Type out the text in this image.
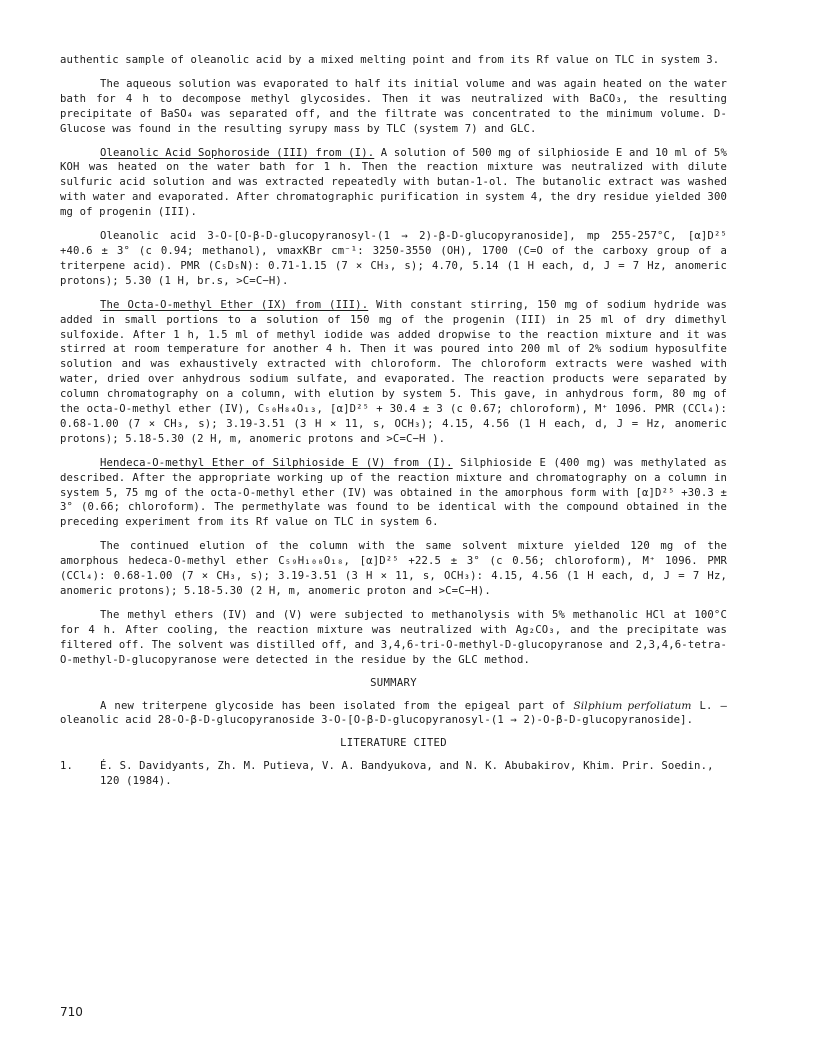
authentic sample of oleanolic acid by a mixed melting point and from its Rf value on TLC in system 3.

The aqueous solution was evaporated to half its initial volume and was again heated on the water bath for 4 h to decompose methyl glycosides. Then it was neutralized with BaCO₃, the resulting precipitate of BaSO₄ was separated off, and the filtrate was concentrated to the minimum volume. D-Glucose was found in the resulting syrupy mass by TLC (system 7) and GLC.

Oleanolic Acid Sophoroside (III) from (I). A solution of 500 mg of silphioside E and 10 ml of 5% KOH was heated on the water bath for 1 h. Then the reaction mixture was neutralized with dilute sulfuric acid solution and was extracted repeatedly with butan-1-ol. The butanolic extract was washed with water and evaporated. After chromatographic purification in system 4, the dry residue yielded 300 mg of progenin (III).

Oleanolic acid 3-O-[O-β-D-glucopyranosyl-(1 → 2)-β-D-glucopyranoside], mp 255-257°C, [α]D²⁵ +40.6 ± 3° (c 0.94; methanol), νmaxKBr cm⁻¹: 3250-3550 (OH), 1700 (C=O of the carboxy group of a triterpene acid). PMR (C₅D₅N): 0.71-1.15 (7 × CH₃, s); 4.70, 5.14 (1 H each, d, J = 7 Hz, anomeric protons); 5.30 (1 H, br.s, >C=C−H).

The Octa-O-methyl Ether (IX) from (III). With constant stirring, 150 mg of sodium hydride was added in small portions to a solution of 150 mg of the progenin (III) in 25 ml of dry dimethyl sulfoxide. After 1 h, 1.5 ml of methyl iodide was added dropwise to the reaction mixture and it was stirred at room temperature for another 4 h. Then it was poured into 200 ml of 2% sodium hyposulfite solution and was exhaustively extracted with chloroform. The chloroform extracts were washed with water, dried over anhydrous sodium sulfate, and evaporated. The reaction products were separated by column chromatography on a column, with elution by system 5. This gave, in anhydrous form, 80 mg of the octa-O-methyl ether (IV), C₅₀H₈₄O₁₃, [α]D²⁵ + 30.4 ± 3 (c 0.67; chloroform), M⁺ 1096. PMR (CCl₄): 0.68-1.00 (7 × CH₃, s); 3.19-3.51 (3 H × 11, s, OCH₃); 4.15, 4.56 (1 H each, d, J = Hz, anomeric protons); 5.18-5.30 (2 H, m, anomeric protons and >C=C−H ).

Hendeca-O-methyl Ether of Silphioside E (V) from (I). Silphioside E (400 mg) was methylated as described. After the appropriate working up of the reaction mixture and chromatography on a column in system 5, 75 mg of the octa-O-methyl ether (IV) was obtained in the amorphous form with [α]D²⁵ +30.3 ± 3° (0.66; chloroform). The permethylate was found to be identical with the compound obtained in the preceding experiment from its Rf value on TLC in system 6.

The continued elution of the column with the same solvent mixture yielded 120 mg of the amorphous hedeca-O-methyl ether C₅₉H₁₀₀O₁₈, [α]D²⁵ +22.5 ± 3° (c 0.56; chloroform), M⁺ 1096. PMR (CCl₄): 0.68-1.00 (7 × CH₃, s); 3.19-3.51 (3 H × 11, s, OCH₃): 4.15, 4.56 (1 H each, d, J = 7 Hz, anomeric protons); 5.18-5.30 (2 H, m, anomeric proton and >C=C−H).

The methyl ethers (IV) and (V) were subjected to methanolysis with 5% methanolic HCl at 100°C for 4 h. After cooling, the reaction mixture was neutralized with Ag₂CO₃, and the precipitate was filtered off. The solvent was distilled off, and 3,4,6-tri-O-methyl-D-glucopyranose and 2,3,4,6-tetra-O-methyl-D-glucopyranose were detected in the residue by the GLC method.

SUMMARY

A new triterpene glycoside has been isolated from the epigeal part of Silphium perfoliatum L. — oleanolic acid 28-O-β-D-glucopyranoside 3-O-[O-β-D-glucopyranosyl-(1 → 2)-O-β-D-glucopyranoside].

LITERATURE CITED
1.	É. S. Davidyants, Zh. M. Putieva, V. A. Bandyukova, and N. K. Abubakirov, Khim. Prir. Soedin., 120 (1984).
710
